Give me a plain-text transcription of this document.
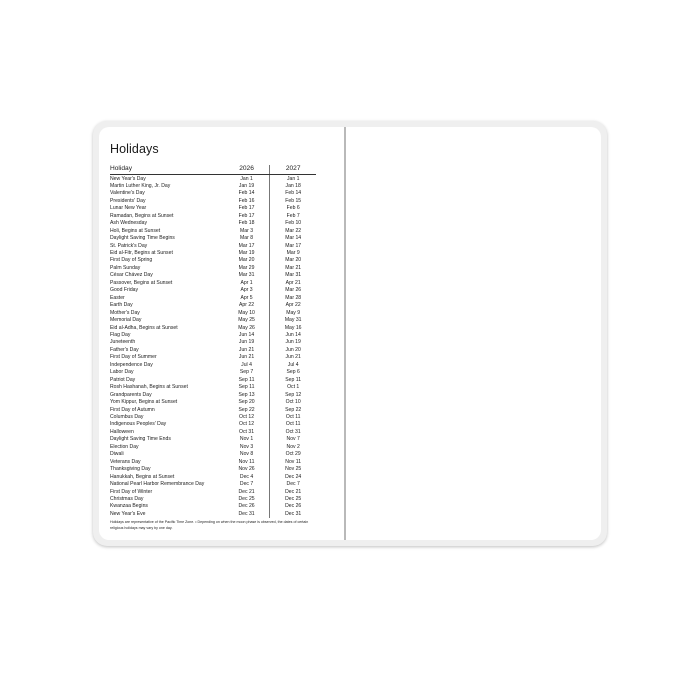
Holidays
Holiday	2026	2027
New Year's Day	Jan 1	Jan 1
Martin Luther King, Jr. Day	Jan 19	Jan 18
Valentine's Day	Feb 14	Feb 14
Presidents' Day	Feb 16	Feb 15
Lunar New Year	Feb 17	Feb 6
Ramadan, Begins at Sunset	Feb 17	Feb 7
Ash Wednesday	Feb 18	Feb 10
Holi, Begins at Sunset	Mar 3	Mar 22
Daylight Saving Time Begins	Mar 8	Mar 14
St. Patrick's Day	Mar 17	Mar 17
Eid al-Fitr, Begins at Sunset	Mar 19	Mar 9
First Day of Spring	Mar 20	Mar 20
Palm Sunday	Mar 29	Mar 21
César Chávez Day	Mar 31	Mar 31
Passover, Begins at Sunset	Apr 1	Apr 21
Good Friday	Apr 3	Mar 26
Easter	Apr 5	Mar 28
Earth Day	Apr 22	Apr 22
Mother's Day	May 10	May 9
Memorial Day	May 25	May 31
Eid al-Adha, Begins at Sunset	May 26	May 16
Flag Day	Jun 14	Jun 14
Juneteenth	Jun 19	Jun 19
Father's Day	Jun 21	Jun 20
First Day of Summer	Jun 21	Jun 21
Independence Day	Jul 4	Jul 4
Labor Day	Sep 7	Sep 6
Patriot Day	Sep 11	Sep 11
Rosh Hashanah, Begins at Sunset	Sep 11	Oct 1
Grandparents Day	Sep 13	Sep 12
Yom Kippur, Begins at Sunset	Sep 20	Oct 10
First Day of Autumn	Sep 22	Sep 22
Columbus Day	Oct 12	Oct 11
Indigenous Peoples' Day	Oct 12	Oct 11
Halloween	Oct 31	Oct 31
Daylight Saving Time Ends	Nov 1	Nov 7
Election Day	Nov 3	Nov 2
Diwali	Nov 8	Oct 29
Veterans Day	Nov 11	Nov 11
Thanksgiving Day	Nov 26	Nov 25
Hanukkah, Begins at Sunset	Dec 4	Dec 24
National Pearl Harbor Remembrance Day	Dec 7	Dec 7
First Day of Winter	Dec 21	Dec 21
Christmas Day	Dec 25	Dec 25
Kwanzaa Begins	Dec 26	Dec 26
New Year's Eve	Dec 31	Dec 31

Holidays are representative of the Pacific Time Zone. • Depending on when the moon phase is observed, the dates of certain religious holidays may vary by one day.
